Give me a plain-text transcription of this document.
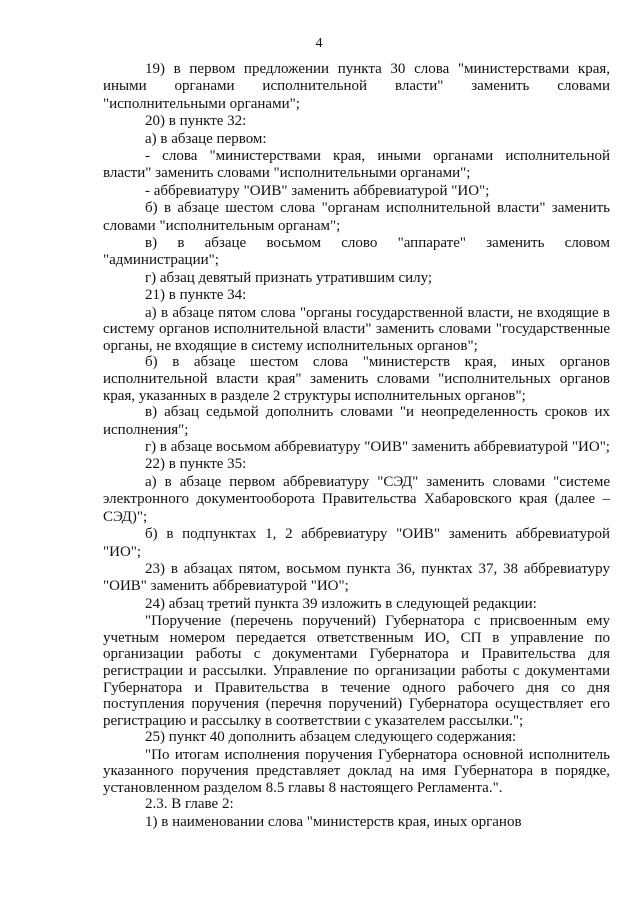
4

19) в первом предложении пункта 30 слова "министерствами края, иными органами исполнительной власти" заменить словами "исполнительными органами";

20) в пункте 32:

а) в абзаце первом:

- слова "министерствами края, иными органами исполнительной власти" заменить словами "исполнительными органами";

- аббревиатуру "ОИВ" заменить аббревиатурой "ИО";

б) в абзаце шестом слова "органам исполнительной власти" заменить словами "исполнительным органам";

в) в абзаце восьмом слово "аппарате" заменить словом "администрации";

г) абзац девятый признать утратившим силу;

21) в пункте 34:

а) в абзаце пятом слова "органы государственной власти, не входящие в систему органов исполнительной власти" заменить словами "государственные органы, не входящие в систему исполнительных органов";

б) в абзаце шестом слова "министерств края, иных органов исполнительной власти края" заменить словами "исполнительных органов края, указанных в разделе 2 структуры исполнительных органов";

в) абзац седьмой дополнить словами "и неопределенность сроков их исполнения";

г) в абзаце восьмом аббревиатуру "ОИВ" заменить аббревиатурой "ИО";

22) в пункте 35:

а) в абзаце первом аббревиатуру "СЭД" заменить словами "системе электронного документооборота Правительства Хабаровского края (далее – СЭД)";

б) в подпунктах 1, 2 аббревиатуру "ОИВ" заменить аббревиатурой "ИО";

23) в абзацах пятом, восьмом пункта 36, пунктах 37, 38 аббревиатуру "ОИВ" заменить аббревиатурой "ИО";

24) абзац третий пункта 39 изложить в следующей редакции:

"Поручение (перечень поручений) Губернатора с присвоенным ему учетным номером передается ответственным ИО, СП в управление по организации работы с документами Губернатора и Правительства для регистрации и рассылки. Управление по организации работы с документами Губернатора и Правительства в течение одного рабочего дня со дня поступления поручения (перечня поручений) Губернатора осуществляет его регистрацию и рассылку в соответствии с указателем рассылки.";

25) пункт 40 дополнить абзацем следующего содержания:

"По итогам исполнения поручения Губернатора основной исполнитель указанного поручения представляет доклад на имя Губернатора в порядке, установленном разделом 8.5 главы 8 настоящего Регламента.".

2.3. В главе 2:

1) в наименовании слова "министерств края, иных органов
